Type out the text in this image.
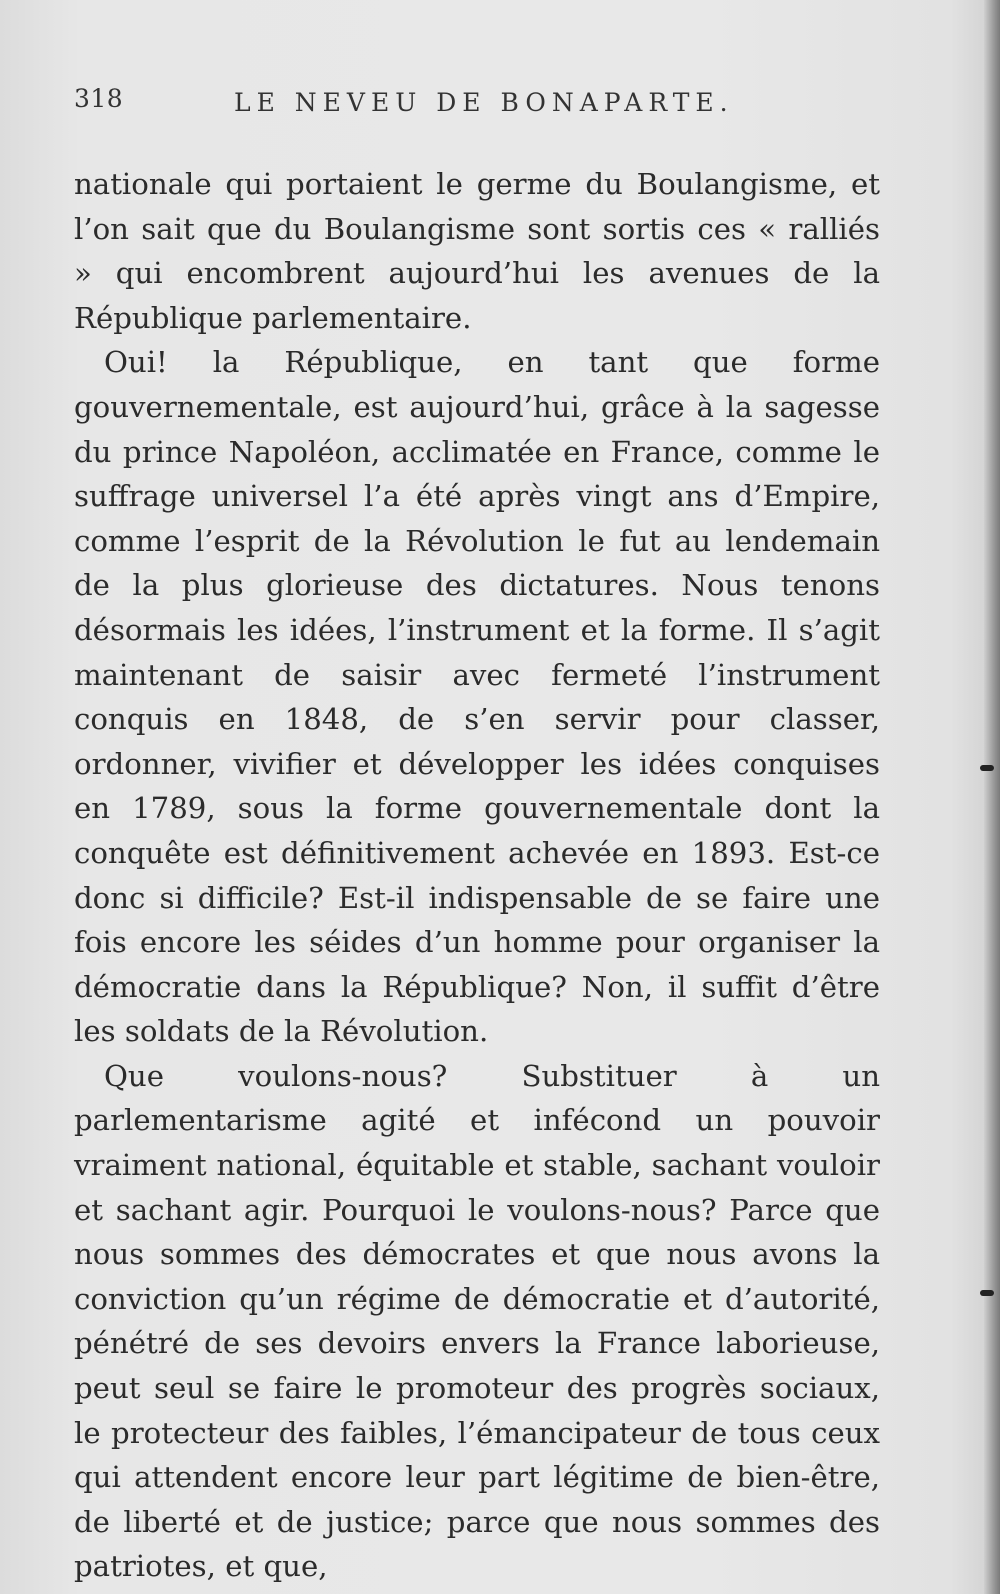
318	LE NEVEU DE BONAPARTE.

nationale qui portaient le germe du Boulangisme, et l’on sait que du Boulangisme sont sortis ces « ralliés » qui encombrent aujourd’hui les avenues de la République parlementaire.

Oui! la République, en tant que forme gouvernementale, est aujourd’hui, grâce à la sagesse du prince Napoléon, acclimatée en France, comme le suffrage universel l’a été après vingt ans d’Empire, comme l’esprit de la Révolution le fut au lendemain de la plus glorieuse des dictatures. Nous tenons désormais les idées, l’instrument et la forme. Il s’agit maintenant de saisir avec fermeté l’instrument conquis en 1848, de s’en servir pour classer, ordonner, vivifier et développer les idées conquises en 1789, sous la forme gouvernementale dont la conquête est définitivement achevée en 1893. Est-ce donc si difficile? Est-il indispensable de se faire une fois encore les séides d’un homme pour organiser la démocratie dans la République? Non, il suffit d’être les soldats de la Révolution.

Que voulons-nous? Substituer à un parlementarisme agité et infécond un pouvoir vraiment national, équitable et stable, sachant vouloir et sachant agir. Pourquoi le voulons-nous? Parce que nous sommes des démocrates et que nous avons la conviction qu’un régime de démocratie et d’autorité, pénétré de ses devoirs envers la France laborieuse, peut seul se faire le promoteur des progrès sociaux, le protecteur des faibles, l’émancipateur de tous ceux qui attendent encore leur part légitime de bien-être, de liberté et de justice; parce que nous sommes des patriotes, et que,
